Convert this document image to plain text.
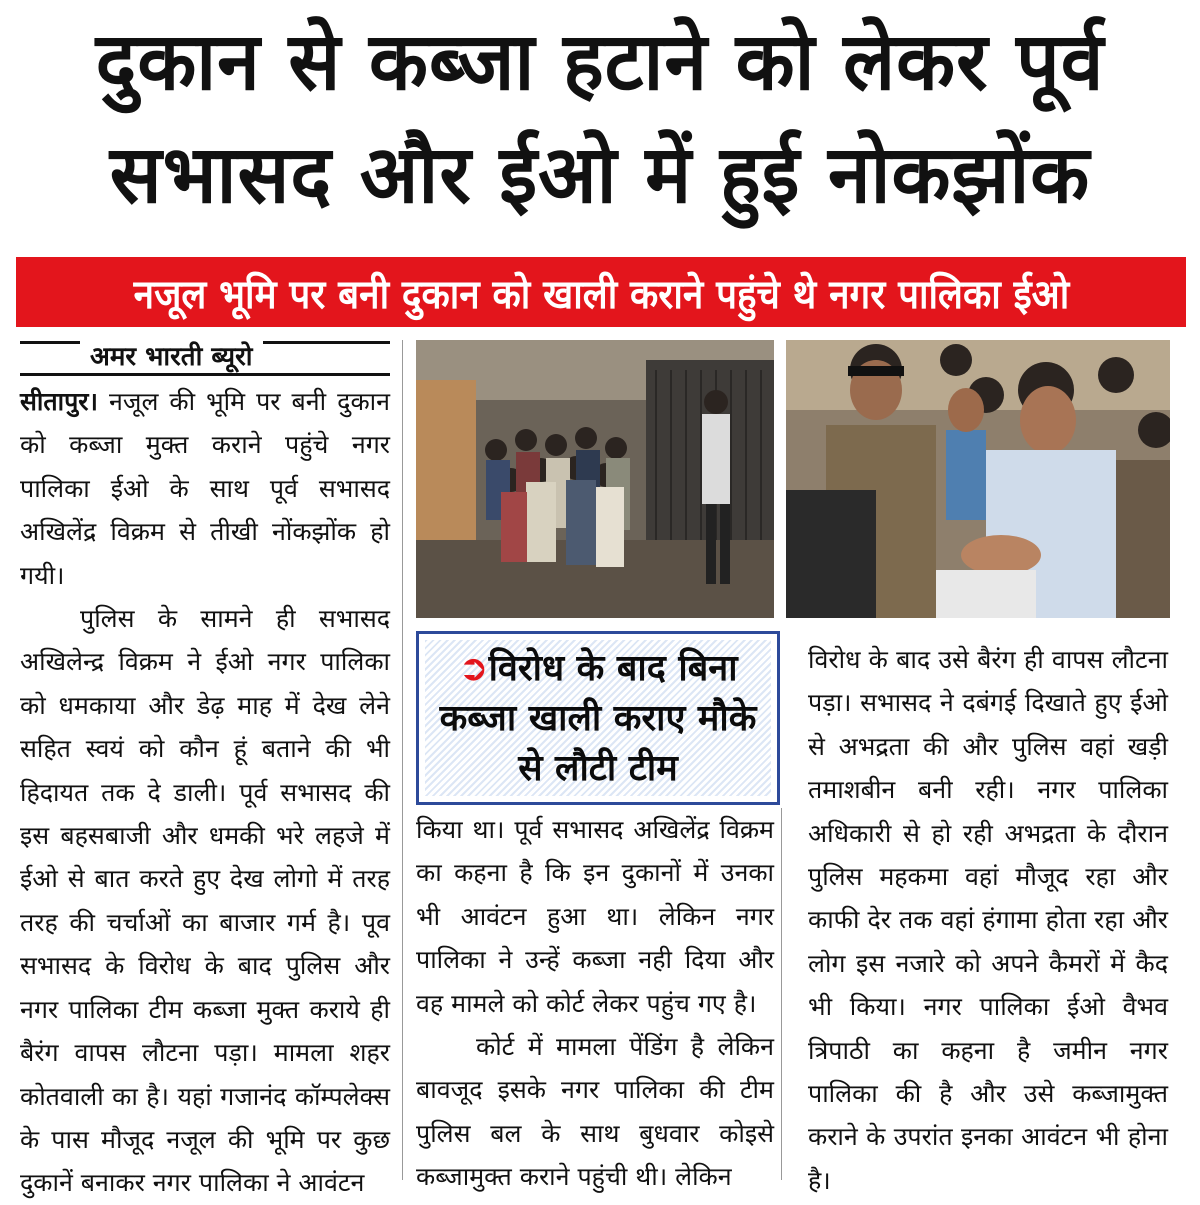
दुकान से कब्जा हटाने को लेकर पूर्व
सभासद और ईओ में हुई नोकझोंक
नजूल भूमि पर बनी दुकान को खाली कराने पहुंचे थे नगर पालिका ईओ
अमर भारती ब्यूरो

सीतापुर। नजूल की भूमि पर बनी दुकान को कब्जा मुक्त कराने पहुंचे नगर पालिका ईओ के साथ पूर्व सभासद अखिलेंद्र विक्रम से तीखी नोंकझोंक हो गयी।

पुलिस के सामने ही सभासद अखिलेन्द्र विक्रम ने ईओ नगर पालिका को धमकाया और डेढ़ माह में देख लेने सहित स्वयं को कौन हूं बताने की भी हिदायत तक दे डाली। पूर्व सभासद की इस बहसबाजी और धमकी भरे लहजे में ईओ से बात करते हुए देख लोगो में तरह तरह की चर्चाओं का बाजार गर्म है। पूव सभासद के विरोध के बाद पुलिस और नगर पालिका टीम कब्जा मुक्त कराये ही बैरंग वापस लौटना पड़ा। मामला शहर कोतवाली का है। यहां गजानंद कॉम्पलेक्स के पास मौजूद नजूल की भूमि पर कुछ दुकानें बनाकर नगर पालिका ने आवंटन

➲विरोध के बाद बिना कब्जा खाली कराए मौके से लौटी टीम

किया था। पूर्व सभासद अखिलेंद्र विक्रम का कहना है कि इन दुकानों में उनका भी आवंटन हुआ था। लेकिन नगर पालिका ने उन्हें कब्जा नही दिया और वह मामले को कोर्ट लेकर पहुंच गए है।

कोर्ट में मामला पेंडिंग है लेकिन बावजूद इसके नगर पालिका की टीम पुलिस बल के साथ बुधवार कोइसे कब्जामुक्त कराने पहुंची थी। लेकिन

विरोध के बाद उसे बैरंग ही वापस लौटना पड़ा। सभासद ने दबंगई दिखाते हुए ईओ से अभद्रता की और पुलिस वहां खड़ी तमाशबीन बनी रही। नगर पालिका अधिकारी से हो रही अभद्रता के दौरान पुलिस महकमा वहां मौजूद रहा और काफी देर तक वहां हंगामा होता रहा और लोग इस नजारे को अपने कैमरों में कैद भी किया। नगर पालिका ईओ वैभव त्रिपाठी का कहना है जमीन नगर पालिका की है और उसे कब्जामुक्त कराने के उपरांत इनका आवंटन भी होना है।
